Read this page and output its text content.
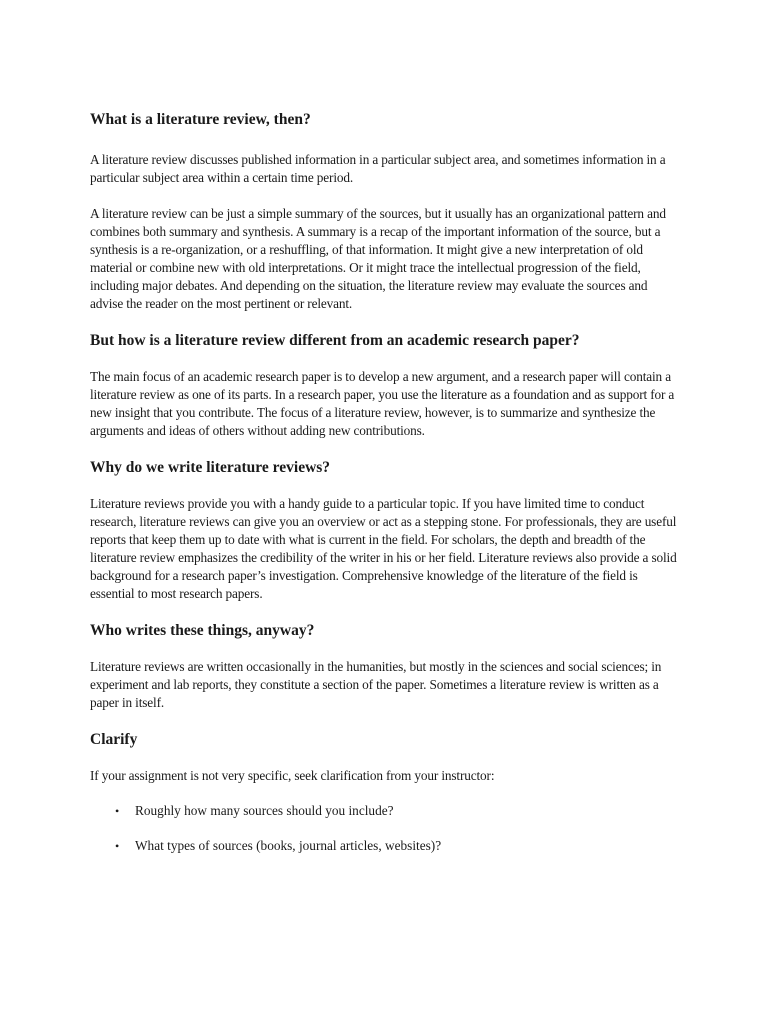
What is a literature review, then?

A literature review discusses published information in a particular subject area, and sometimes information in a particular subject area within a certain time period.

A literature review can be just a simple summary of the sources, but it usually has an organizational pattern and combines both summary and synthesis. A summary is a recap of the important information of the source, but a synthesis is a re-organization, or a reshuffling, of that information. It might give a new interpretation of old material or combine new with old interpretations. Or it might trace the intellectual progression of the field, including major debates. And depending on the situation, the literature review may evaluate the sources and advise the reader on the most pertinent or relevant.

But how is a literature review different from an academic research paper?

The main focus of an academic research paper is to develop a new argument, and a research paper will contain a literature review as one of its parts. In a research paper, you use the literature as a foundation and as support for a new insight that you contribute. The focus of a literature review, however, is to summarize and synthesize the arguments and ideas of others without adding new contributions.

Why do we write literature reviews?

Literature reviews provide you with a handy guide to a particular topic. If you have limited time to conduct research, literature reviews can give you an overview or act as a stepping stone. For professionals, they are useful reports that keep them up to date with what is current in the field. For scholars, the depth and breadth of the literature review emphasizes the credibility of the writer in his or her field. Literature reviews also provide a solid background for a research paper’s investigation. Comprehensive knowledge of the literature of the field is essential to most research papers.

Who writes these things, anyway?

Literature reviews are written occasionally in the humanities, but mostly in the sciences and social sciences; in experiment and lab reports, they constitute a section of the paper. Sometimes a literature review is written as a paper in itself.

Clarify

If your assignment is not very specific, seek clarification from your instructor:

• Roughly how many sources should you include?
• What types of sources (books, journal articles, websites)?
